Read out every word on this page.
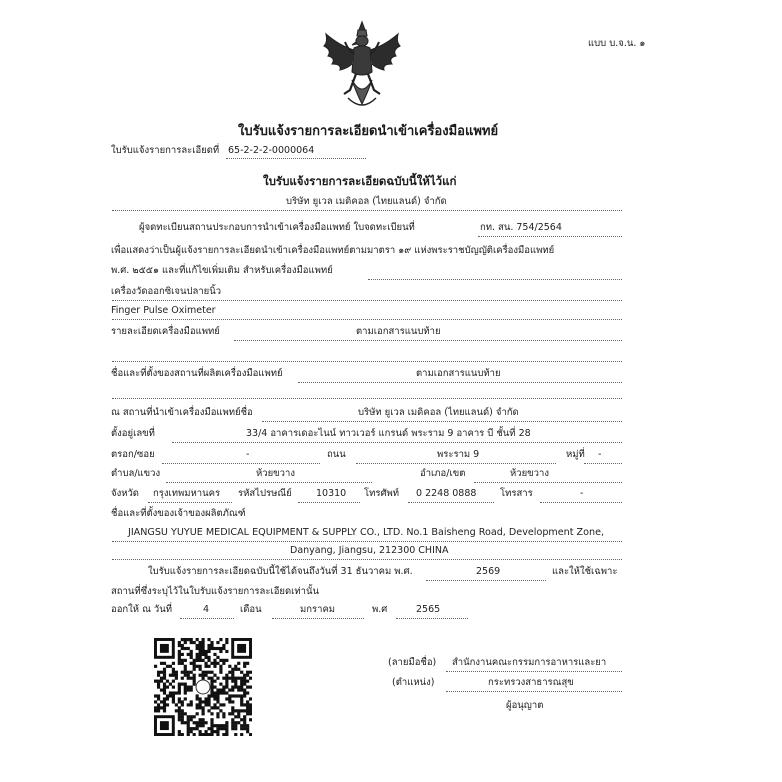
แบบ บ.จ.น. ๑
ใบรับแจ้งรายการละเอียดนำเข้าเครื่องมือแพทย์
ใบรับแจ้งรายการละเอียดที่ 65-2-2-2-0000064
ใบรับแจ้งรายการละเอียดฉบับนี้ให้ไว้แก่
บริษัท ยูเวล เมดิคอล (ไทยแลนด์) จำกัด
ผู้จดทะเบียนสถานประกอบการนำเข้าเครื่องมือแพทย์ ใบจดทะเบียนที่	กท. สน. 754/2564
เพื่อแสดงว่าเป็นผู้แจ้งรายการละเอียดนำเข้าเครื่องมือแพทย์ตามมาตรา ๑๙ แห่งพระราชบัญญัติเครื่องมือแพทย์
พ.ศ. ๒๕๕๑ และที่แก้ไขเพิ่มเติม สำหรับเครื่องมือแพทย์
เครื่องวัดออกซิเจนปลายนิ้ว
Finger Pulse Oximeter
รายละเอียดเครื่องมือแพทย์	ตามเอกสารแนบท้าย
ชื่อและที่ตั้งของสถานที่ผลิตเครื่องมือแพทย์	ตามเอกสารแนบท้าย
ณ สถานที่นำเข้าเครื่องมือแพทย์ชื่อ	บริษัท ยูเวล เมดิคอล (ไทยแลนด์) จำกัด
ตั้งอยู่เลขที่	33/4 อาคารเดอะไนน์ ทาวเวอร์ แกรนด์ พระราม 9 อาคาร บี ชั้นที่ 28
ตรอก/ซอย	-	ถนน	พระราม 9	หมู่ที่ -
ตำบล/แขวง	ห้วยขวาง	อำเภอ/เขต	ห้วยขวาง
จังหวัด กรุงเทพมหานคร รหัสไปรษณีย์	10310 โทรศัพท์ 0 2248 0888 โทรสาร	-
ชื่อและที่ตั้งของเจ้าของผลิตภัณฑ์
JIANGSU YUYUE MEDICAL EQUIPMENT & SUPPLY CO., LTD. No.1 Baisheng Road, Development Zone,
Danyang, Jiangsu, 212300 CHINA
ใบรับแจ้งรายการละเอียดฉบับนี้ใช้ได้จนถึงวันที่ 31 ธันวาคม พ.ศ.	2569	และให้ใช้เฉพาะ
สถานที่ซึ่งระบุไว้ในใบรับแจ้งรายการละเอียดเท่านั้น
ออกให้ ณ วันที่	4	เดือน	มกราคม	พ.ศ	2565
(ลายมือชื่อ) สำนักงานคณะกรรมการอาหารและยา
(ตำแหน่ง)	กระทรวงสาธารณสุข
ผู้อนุญาต
